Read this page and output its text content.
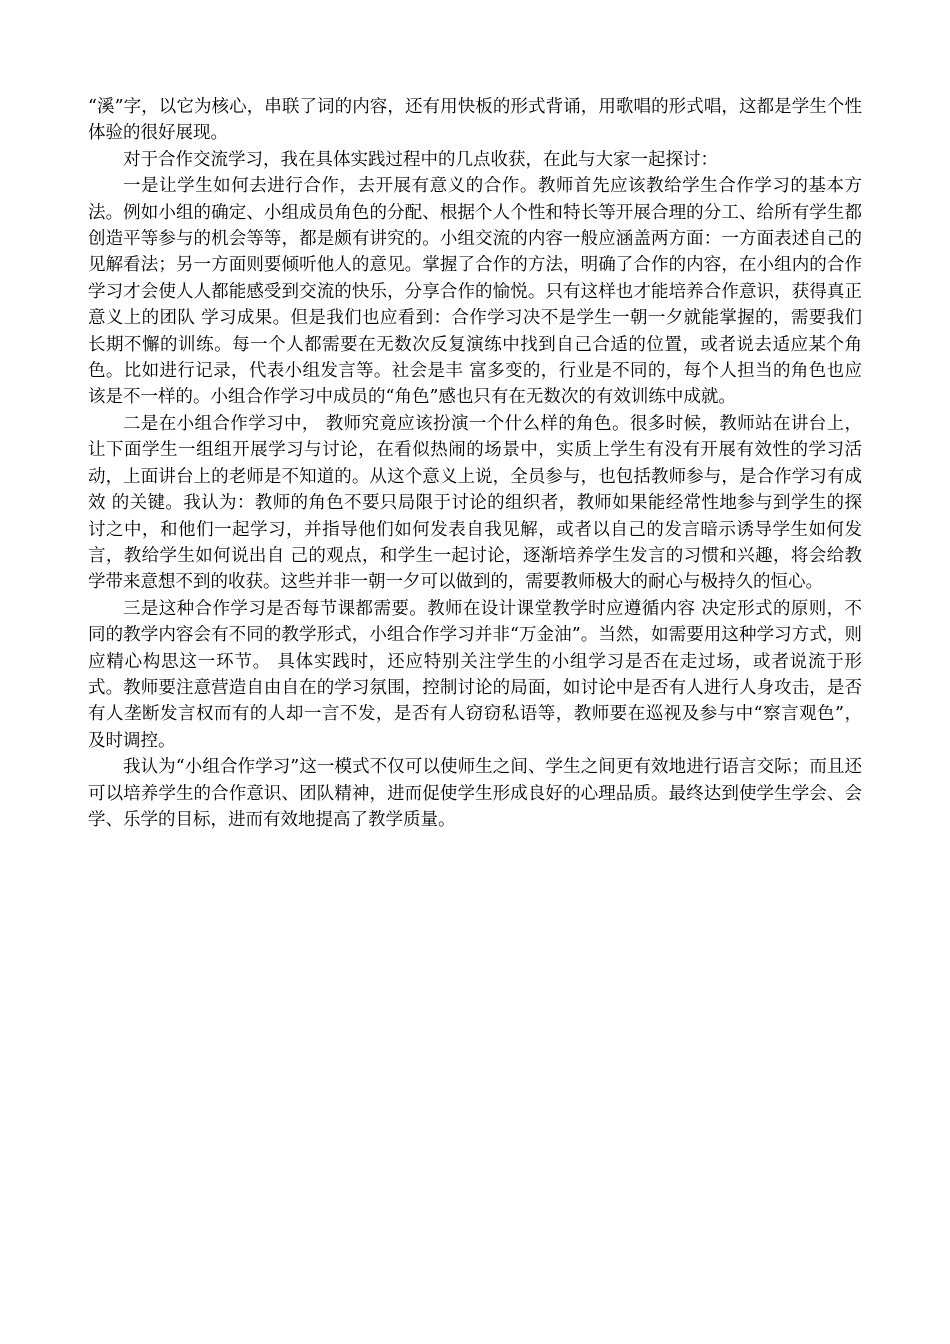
“溪”字，以它为核心，串联了词的内容，还有用快板的形式背诵，用歌唱的形式唱，这都是学生个性体验的很好展现。

对于合作交流学习，我在具体实践过程中的几点收获，在此与大家一起探讨：

一是让学生如何去进行合作，去开展有意义的合作。教师首先应该教给学生合作学习的基本方法。例如小组的确定、小组成员角色的分配、根据个人个性和特长等开展合理的分工、给所有学生都创造平等参与的机会等等，都是颇有讲究的。小组交流的内容一般应涵盖两方面：一方面表述自己的见解看法；另一方面则要倾听他人的意见。掌握了合作的方法，明确了合作的内容，在小组内的合作学习才会使人人都能感受到交流的快乐，分享合作的愉悦。只有这样也才能培养合作意识，获得真正意义上的团队 学习成果。但是我们也应看到：合作学习决不是学生一朝一夕就能掌握的，需要我们长期不懈的训练。每一个人都需要在无数次反复演练中找到自己合适的位置，或者说去适应某个角色。比如进行记录，代表小组发言等。社会是丰 富多变的，行业是不同的，每个人担当的角色也应该是不一样的。小组合作学习中成员的“角色”感也只有在无数次的有效训练中成就。

二是在小组合作学习中， 教师究竟应该扮演一个什么样的角色。很多时候，教师站在讲台上，让下面学生一组组开展学习与讨论，在看似热闹的场景中，实质上学生有没有开展有效性的学习活动，上面讲台上的老师是不知道的。从这个意义上说，全员参与，也包括教师参与，是合作学习有成效 的关键。我认为：教师的角色不要只局限于讨论的组织者，教师如果能经常性地参与到学生的探讨之中，和他们一起学习，并指导他们如何发表自我见解，或者以自己的发言暗示诱导学生如何发言，教给学生如何说出自 己的观点，和学生一起讨论，逐渐培养学生发言的习惯和兴趣，将会给教 学带来意想不到的收获。这些并非一朝一夕可以做到的，需要教师极大的耐心与极持久的恒心。

三是这种合作学习是否每节课都需要。教师在设计课堂教学时应遵循内容 决定形式的原则，不同的教学内容会有不同的教学形式，小组合作学习并非“万金油”。当然，如需要用这种学习方式，则应精心构思这一环节。 具体实践时，还应特别关注学生的小组学习是否在走过场，或者说流于形 式。教师要注意营造自由自在的学习氛围，控制讨论的局面，如讨论中是否有人进行人身攻击，是否有人垄断发言权而有的人却一言不发，是否有人窃窃私语等，教师要在巡视及参与中“察言观色”， 及时调控。

我认为“小组合作学习”这一模式不仅可以使师生之间、学生之间更有效地进行语言交际；而且还可以培养学生的合作意识、团队精神，进而促使学生形成良好的心理品质。最终达到使学生学会、会学、乐学的目标，进而有效地提高了教学质量。
